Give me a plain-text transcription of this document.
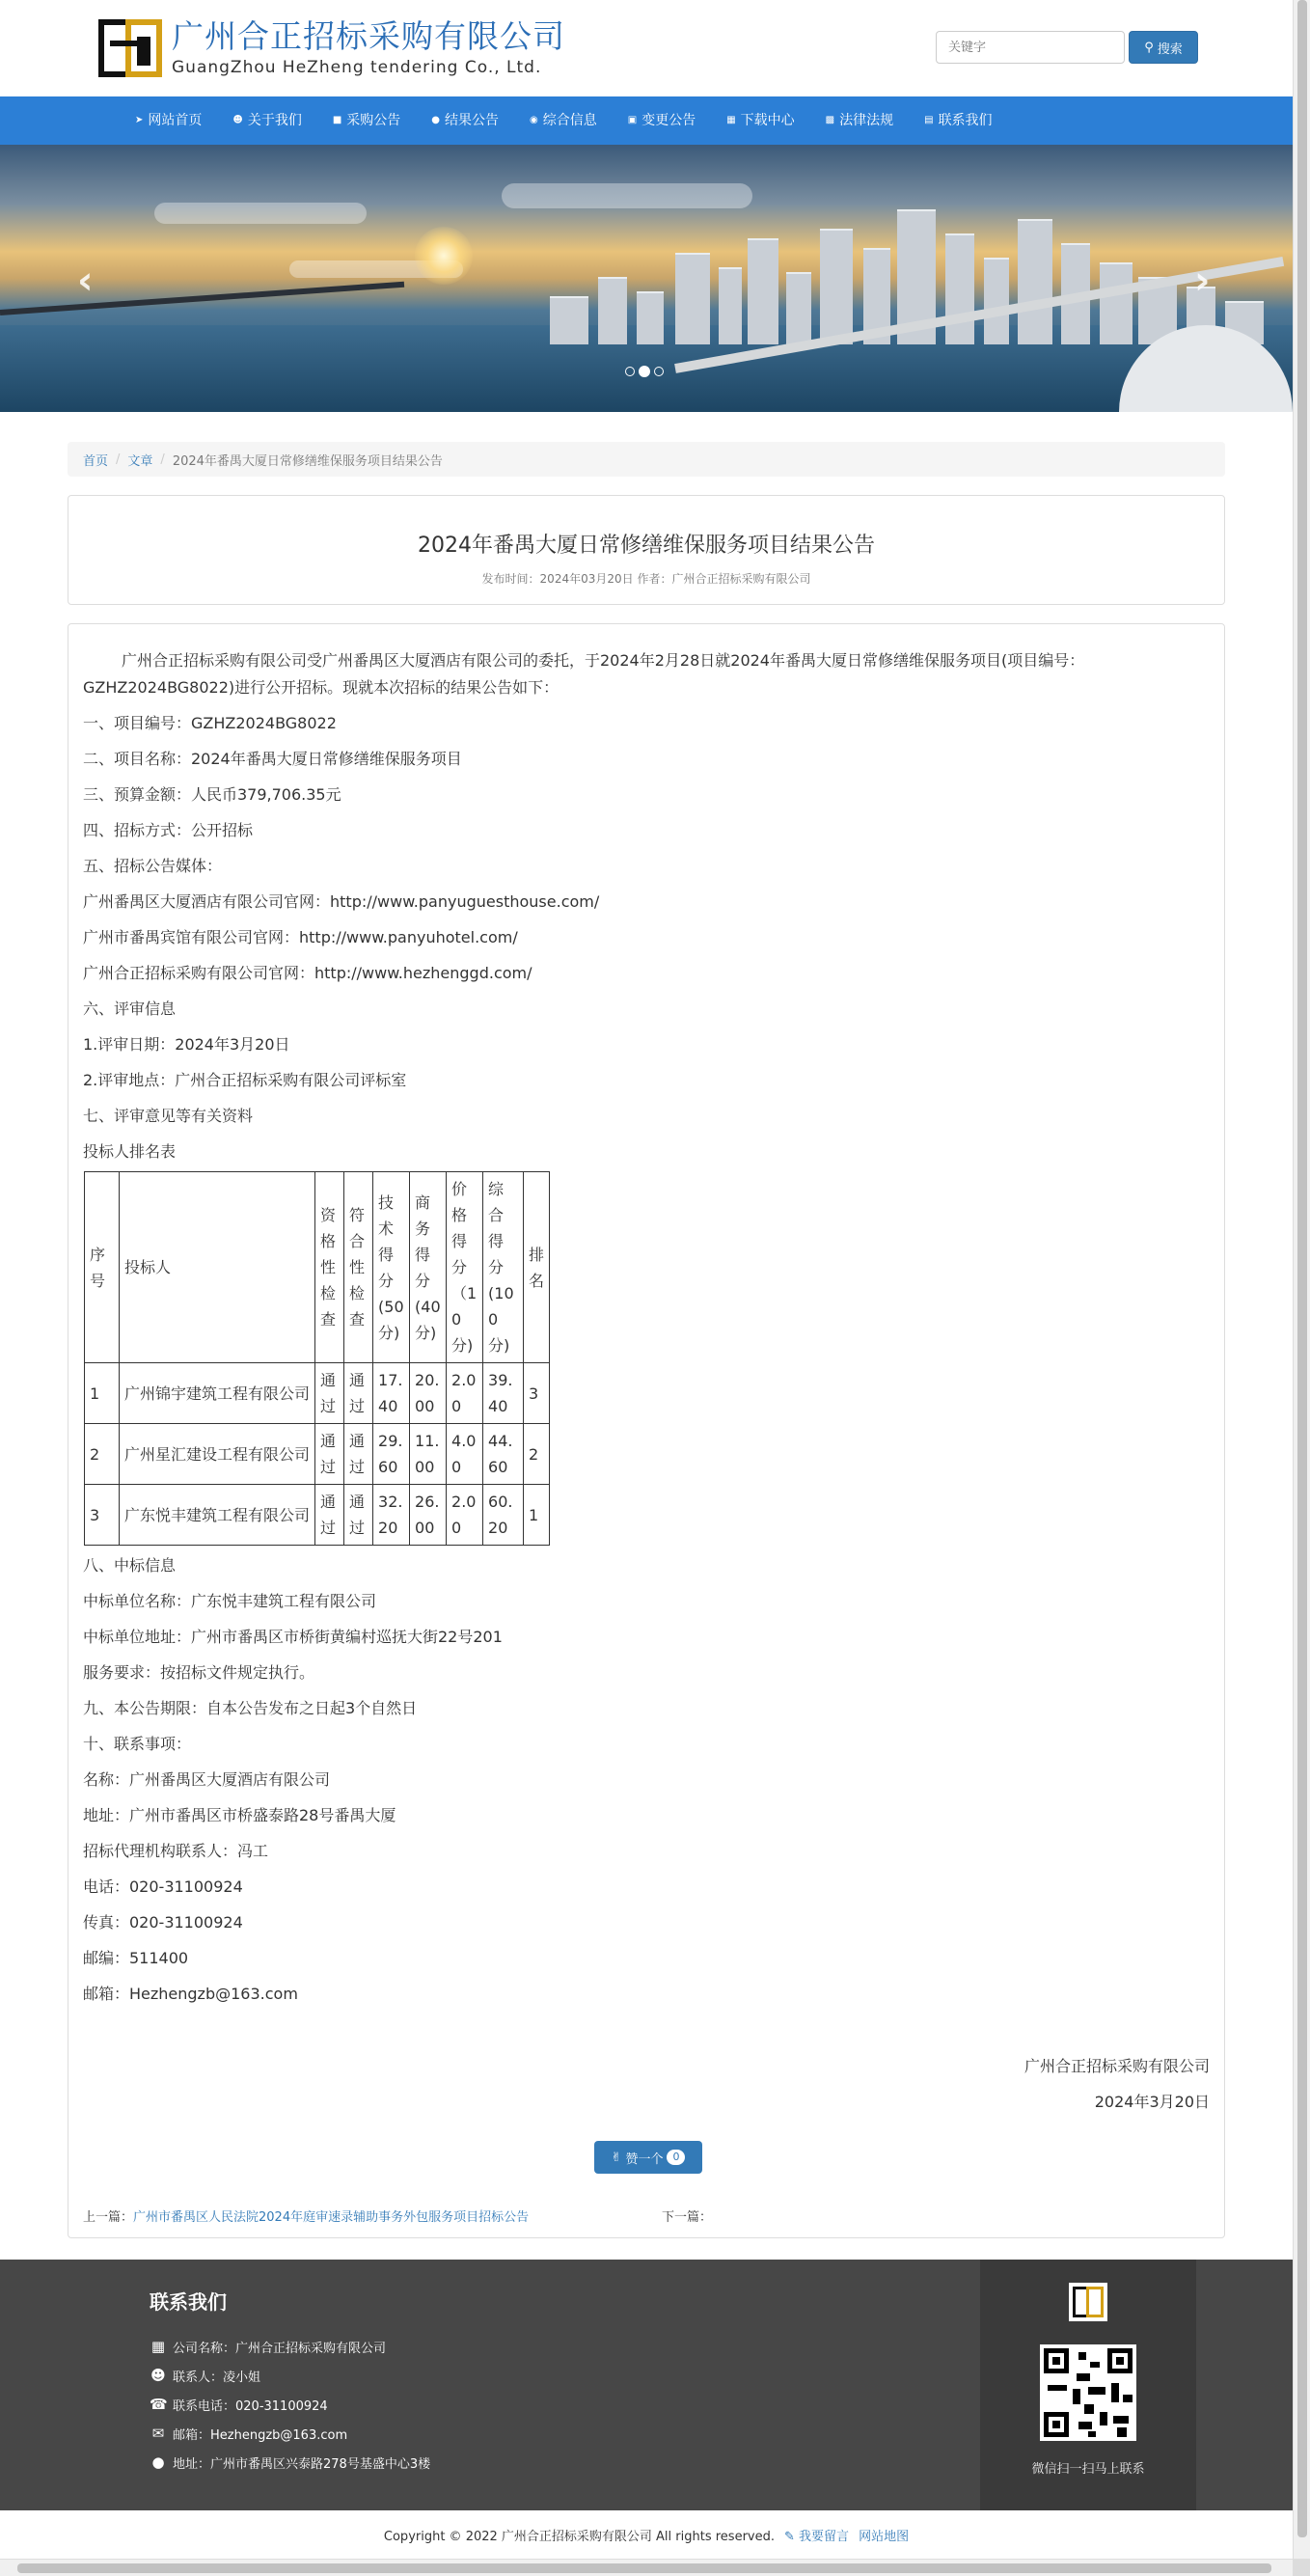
广州合正招标采购有限公司
GuangZhou HeZheng tendering Co., Ltd.
关键字
⚲ 搜索
➤ 网站首页	☻ 关于我们	■ 采购公告	● 结果公告	◉ 综合信息	▣ 变更公告	▦ 下载中心	▩ 法律法规	▤ 联系我们
‹	›
首页 / 文章 / 2024年番禺大厦日常修缮维保服务项目结果公告
2024年番禺大厦日常修缮维保服务项目结果公告
发布时间：2024年03月20日 作者：广州合正招标采购有限公司

广州合正招标采购有限公司受广州番禺区大厦酒店有限公司的委托，于2024年2月28日就2024年番禺大厦日常修缮维保服务项目(项目编号：GZHZ2024BG8022)进行公开招标。现就本次招标的结果公告如下：

一、项目编号：GZHZ2024BG8022

二、项目名称：2024年番禺大厦日常修缮维保服务项目

三、预算金额：人民币379,706.35元

四、招标方式：公开招标

五、招标公告媒体：

广州番禺区大厦酒店有限公司官网：http://www.panyuguesthouse.com/

广州市番禺宾馆有限公司官网：http://www.panyuhotel.com/

广州合正招标采购有限公司官网：http://www.hezhenggd.com/

六、评审信息

1.评审日期：2024年3月20日

2.评审地点：广州合正招标采购有限公司评标室

七、评审意见等有关资料

投标人排名表

序号	投标人	资格性检查	符合性检查	技术得分(50分)	商务得分(40分)	价格得分（10分)	综合得分(100分)	排名
1	广州锦宇建筑工程有限公司	通过	通过	17.40	20.00	2.00	39.40	3
2	广州星汇建设工程有限公司	通过	通过	29.60	11.00	4.00	44.60	2
3	广东悦丰建筑工程有限公司	通过	通过	32.20	26.00	2.00	60.20	1

八、中标信息

中标单位名称：广东悦丰建筑工程有限公司

中标单位地址：广州市番禺区市桥街黄编村巡抚大街22号201

服务要求：按招标文件规定执行。

九、本公告期限：自本公告发布之日起3个自然日

十、联系事项：

名称：广州番禺区大厦酒店有限公司

地址：广州市番禺区市桥盛泰路28号番禺大厦

招标代理机构联系人：冯工

电话：020-31100924

传真：020-31100924

邮编：511400

邮箱：Hezhengzb@163.com

广州合正招标采购有限公司

2024年3月20日

✌ 赞一个 0
上一篇：广州市番禺区人民法院2024年庭审速录辅助事务外包服务项目招标公告	下一篇：
联系我们
▦ 公司名称：广州合正招标采购有限公司
☻ 联系人：凌小姐
☎ 联系电话：020-31100924
✉ 邮箱：Hezhengzb@163.com
● 地址：广州市番禺区兴泰路278号基盛中心3楼	微信扫一扫马上联系
Copyright © 2022 广州合正招标采购有限公司 All rights reserved. ✎ 我要留言 网站地图
